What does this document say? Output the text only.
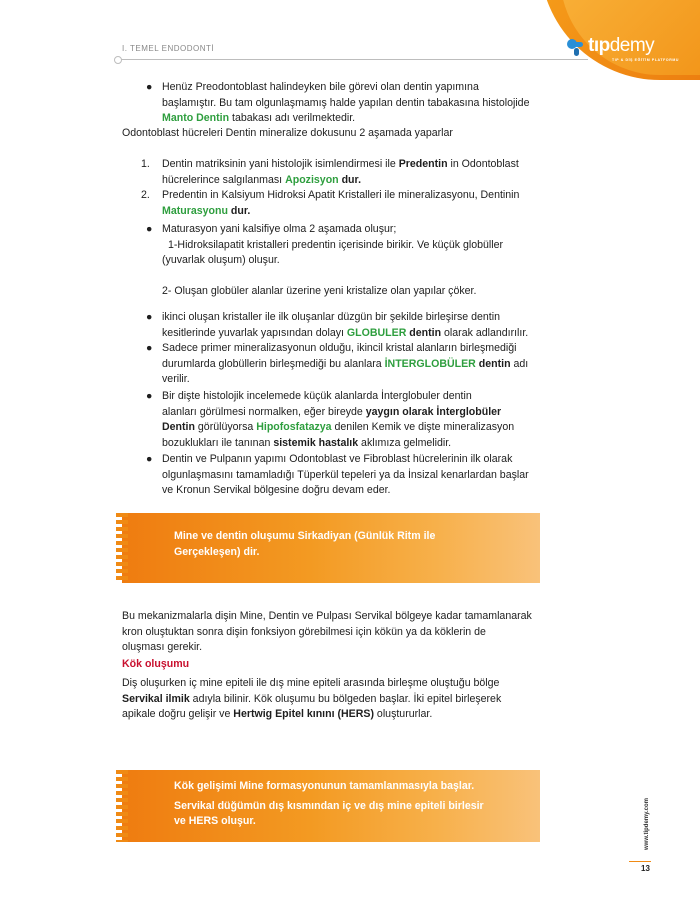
tıpdemy
TIP & DİŞ EĞİTİM PLATFORMU
I. TEMEL ENDODONTİ
● Henüz Preodontoblast halindeyken bile görevi olan dentin yapımına
başlamıştır. Bu tam olgunlaşmamış halde yapılan dentin tabakasına histolojide
Manto Dentin tabakası adı verilmektedir.
Odontoblast hücreleri Dentin mineralize dokusunu 2 aşamada yaparlar
1. Dentin matriksinin yani histolojik isimlendirmesi ile Predentin in Odontoblast
hücrelerince salgılanması Apozisyon dur.
2. Predentin in Kalsiyum Hidroksi Apatit Kristalleri ile mineralizasyonu, Dentinin
Maturasyonu dur.
● Maturasyon yani kalsifiye olma 2 aşamada oluşur;
1-Hidroksilapatit kristalleri predentin içerisinde birikir. Ve küçük globüller
(yuvarlak oluşum) oluşur.
2- Oluşan globüler alanlar üzerine yeni kristalize olan yapılar çöker.
● ikinci oluşan kristaller ile ilk oluşanlar düzgün bir şekilde birleşirse dentin
kesitlerinde yuvarlak yapısından dolayı GLOBULER dentin olarak adlandırılır.
● Sadece primer mineralizasyonun olduğu, ikincil kristal alanların birleşmediği
durumlarda globüllerin birleşmediği bu alanlara İNTERGLOBÜLER dentin adı
verilir.
● Bir dişte histolojik incelemede küçük alanlarda İnterglobuler dentin
alanları görülmesi normalken, eğer bireyde yaygın olarak İnterglobüler
Dentin görülüyorsa Hipofosfatazya denilen Kemik ve dişte mineralizasyon
bozuklukları ile tanınan sistemik hastalık aklımıza gelmelidir.
● Dentin ve Pulpanın yapımı Odontoblast ve Fibroblast hücrelerinin ilk olarak
olgunlaşmasını tamamladığı Tüperkül tepeleri ya da İnsizal kenarlardan başlar
ve Kronun Servikal bölgesine doğru devam eder.
Mine ve dentin oluşumu Sirkadiyan (Günlük Ritm ile
Gerçekleşen) dir.
Bu mekanizmalarla dişin Mine, Dentin ve Pulpası Servikal bölgeye kadar tamamlanarak
kron oluştuktan sonra dişin fonksiyon görebilmesi için kökün ya da köklerin de
oluşması gerekir.
Kök oluşumu
Diş oluşurken iç mine epiteli ile dış mine epiteli arasında birleşme oluştuğu bölge
Servikal ilmik adıyla bilinir. Kök oluşumu bu bölgeden başlar. İki epitel birleşerek
apikale doğru gelişir ve Hertwig Epitel kınını (HERS) oluştururlar.
Kök gelişimi Mine formasyonunun tamamlanmasıyla başlar.
Servikal düğümün dış kısmından iç ve dış mine epiteli birlesir
ve HERS oluşur.	www.tipdemy.com
13
